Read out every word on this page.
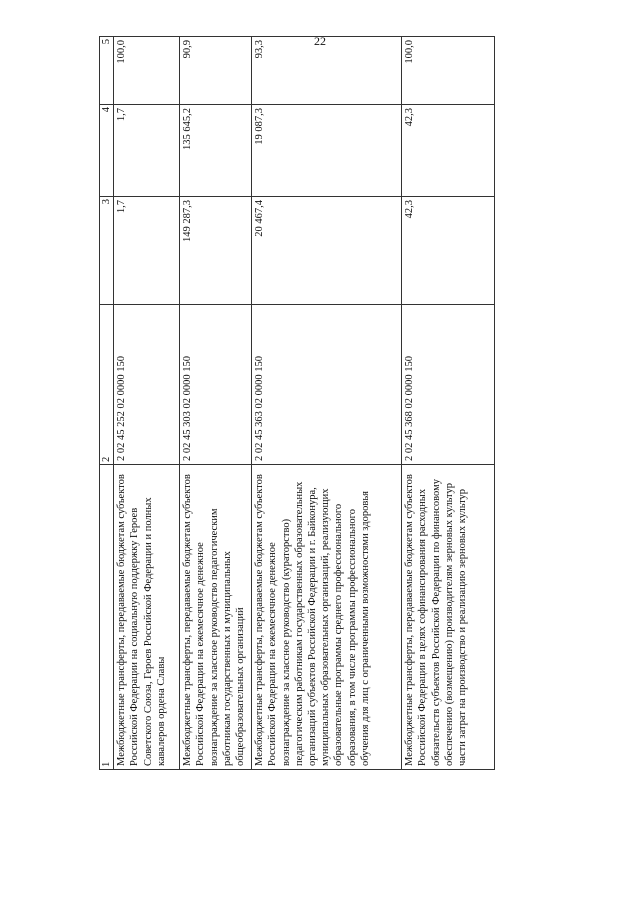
22
1	2	3	4	5
Межбюджетные трансферты, передаваемые бюджетам субъектов Российской Федерации на социальную поддержку Героев Советского Союза, Героев Российской Федерации и полных кавалеров ордена Славы	2 02 45 252 02 0000 150	1,7	1,7	100,0
Межбюджетные трансферты, передаваемые бюджетам субъектов Российской Федерации на ежемесячное денежное вознаграждение за классное руководство педагогическим работникам государственных и муниципальных общеобразовательных организаций	2 02 45 303 02 0000 150	149 287,3	135 645,2	90,9
Межбюджетные трансферты, передаваемые бюджетам субъектов Российской Федерации на ежемесячное денежное вознаграждение за классное руководство (кураторство) педагогическим работникам государственных образовательных организаций субъектов Российской Федерации и г. Байконура, муниципальных образовательных организаций, реализующих образовательные программы среднего профессионального образования, в том числе программы профессионального обучения для лиц с ограниченными возможностями здоровья	2 02 45 363 02 0000 150	20 467,4	19 087,3	93,3
Межбюджетные трансферты, передаваемые бюджетам субъектов Российской Федерации в целях софинансирования расходных обязательств субъектов Российской Федерации по финансовому обеспечению (возмещению) производителям зерновых культур части затрат на производство и реализацию зерновых культур	2 02 45 368 02 0000 150	42,3	42,3	100,0
